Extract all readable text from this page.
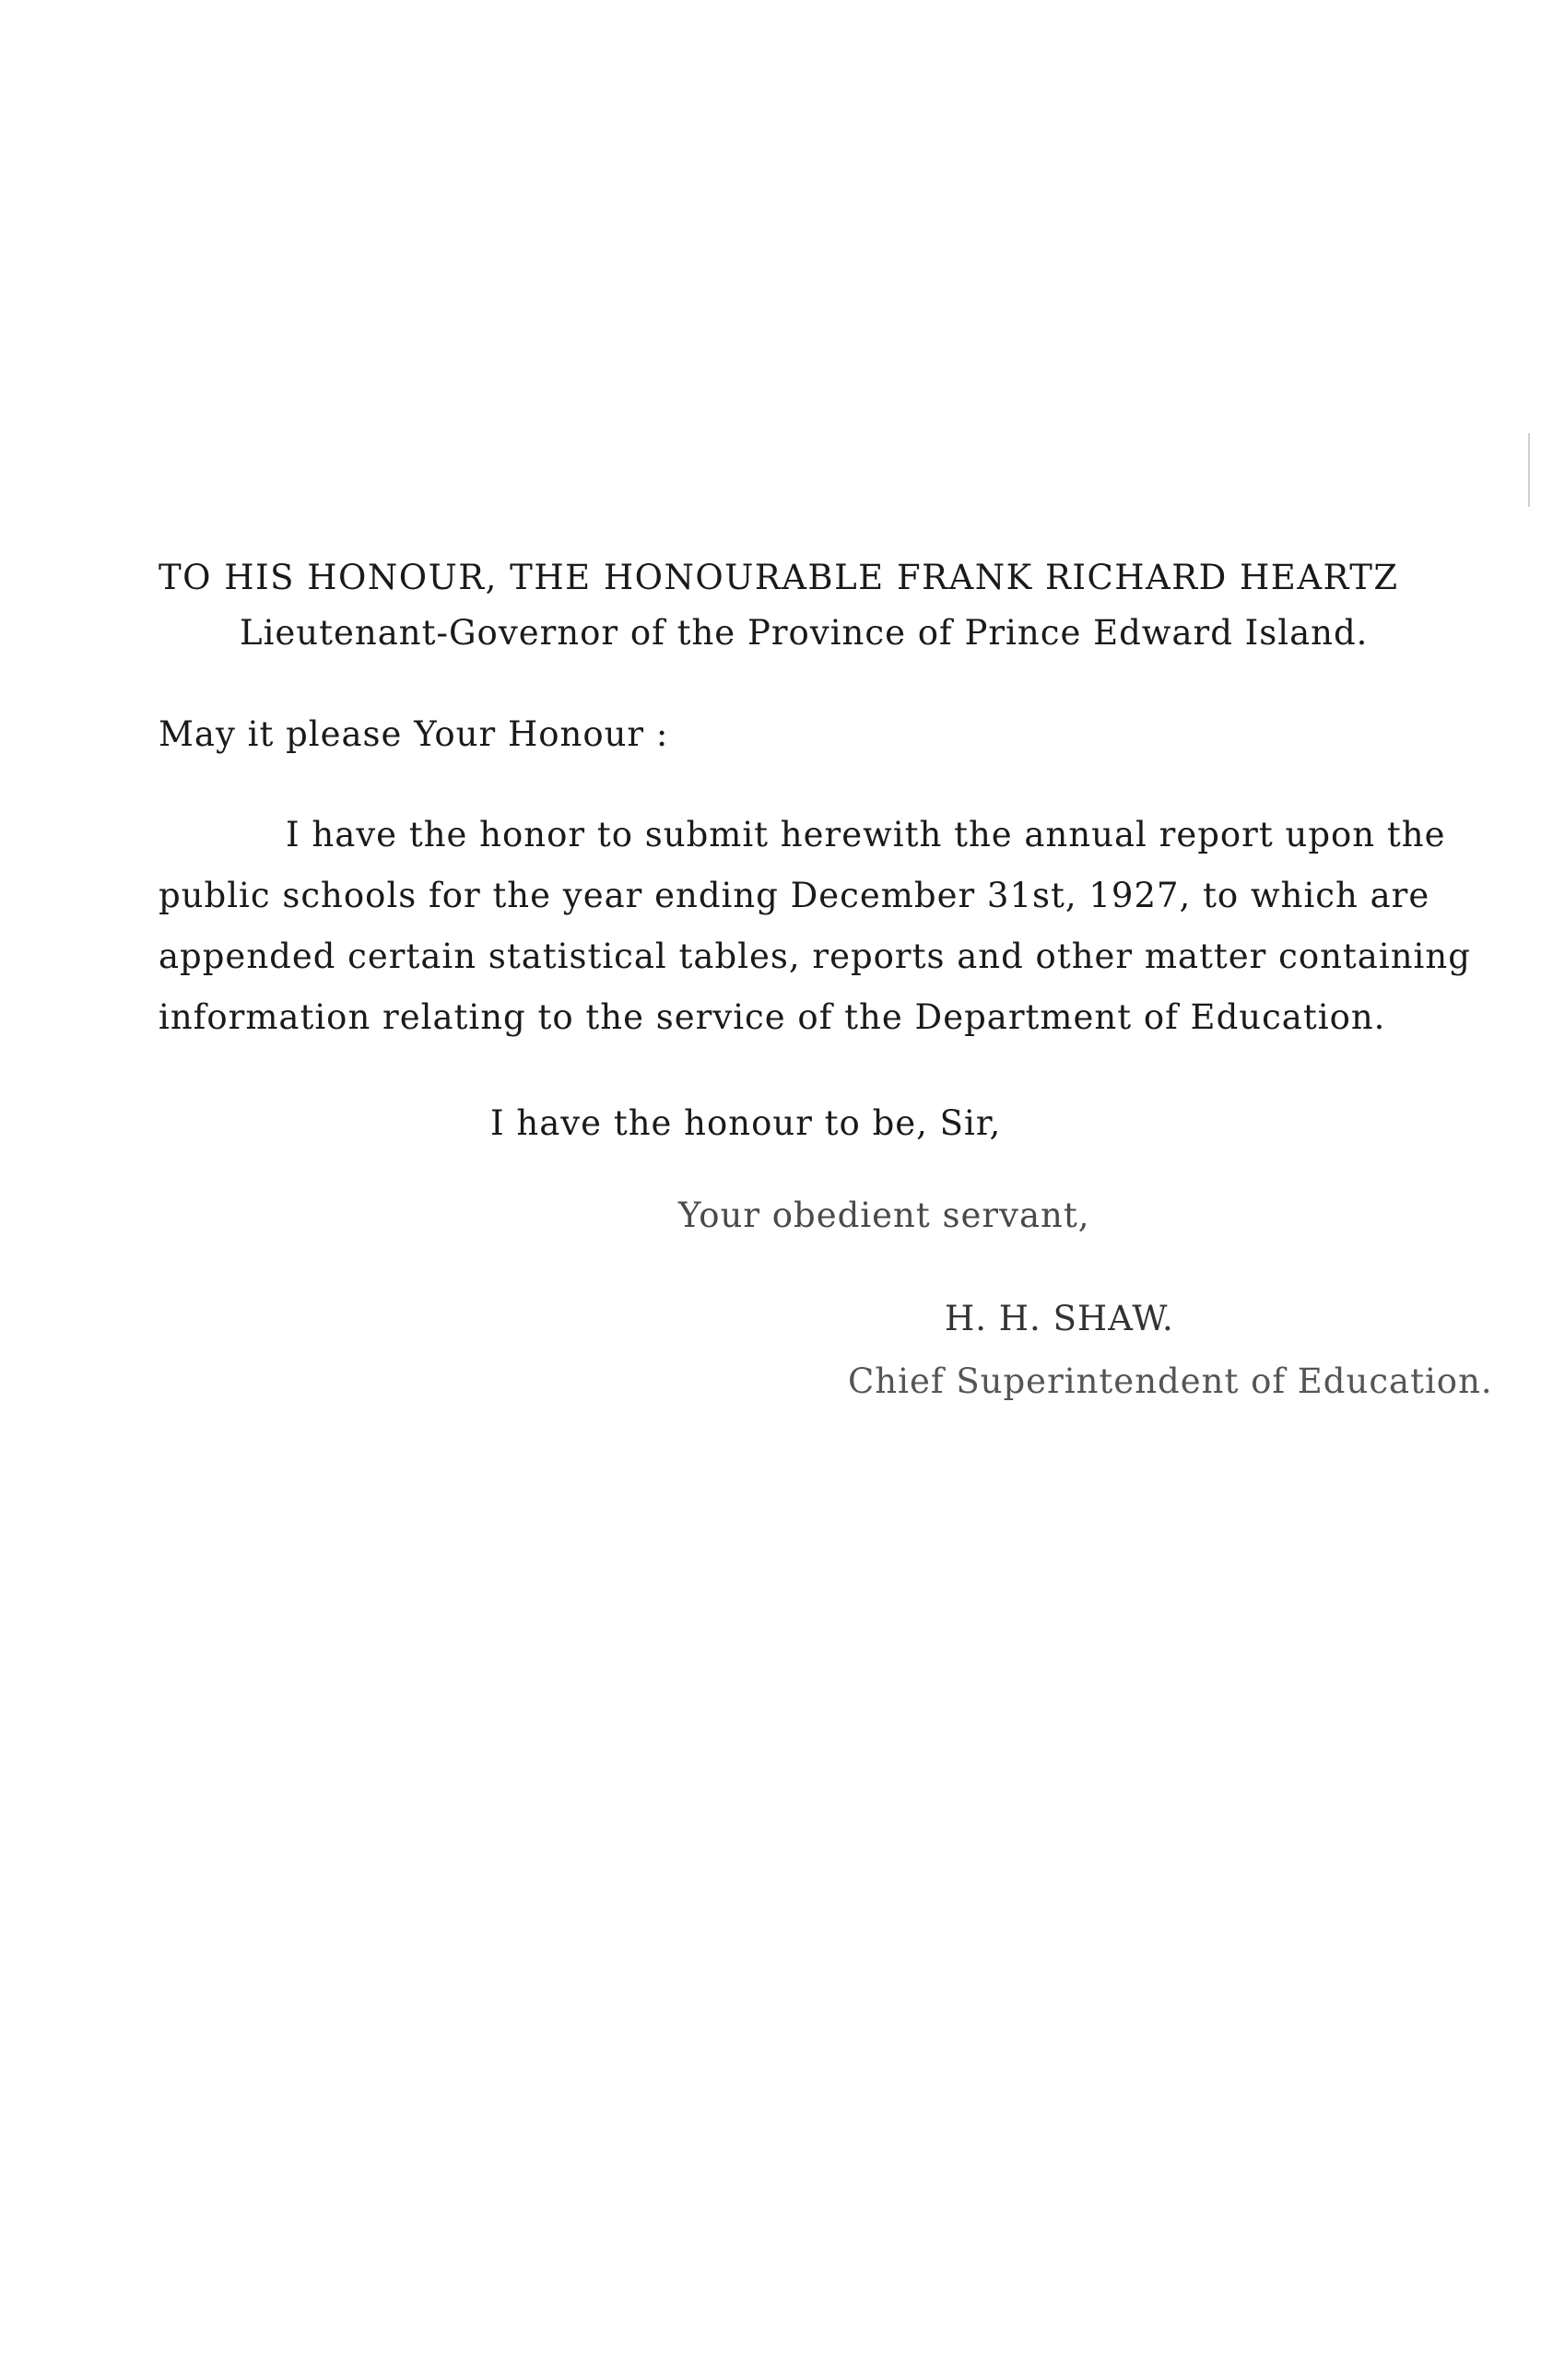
TO HIS HONOUR, THE HONOURABLE FRANK RICHARD HEARTZ
Lieutenant-Governor of the Province of Prince Edward Island.
May it please Your Honour :
I have the honor to submit herewith the annual report upon the
public schools for the year ending December 31st, 1927, to which are
appended certain statistical tables, reports and other matter containing
information relating to the service of the Department of Education.
I have the honour to be, Sir,
Your obedient servant,
H. H. SHAW.
Chief Superintendent of Education.
